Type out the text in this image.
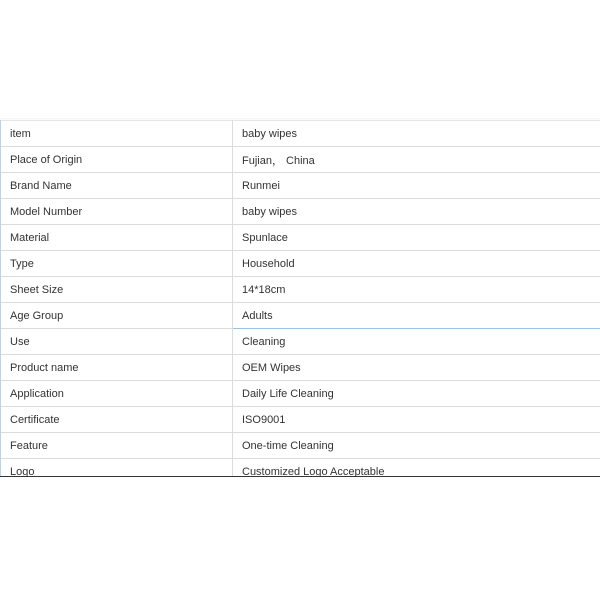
item	baby wipes
Place of Origin	Fujian， China
Brand Name	Runmei
Model Number	baby wipes
Material	Spunlace
Type	Household
Sheet Size	14*18cm
Age Group	Adults
Use	Cleaning
Product name	OEM Wipes
Application	Daily Life Cleaning
Certificate	ISO9001
Feature	One-time Cleaning
Logo	Customized Logo Acceptable
